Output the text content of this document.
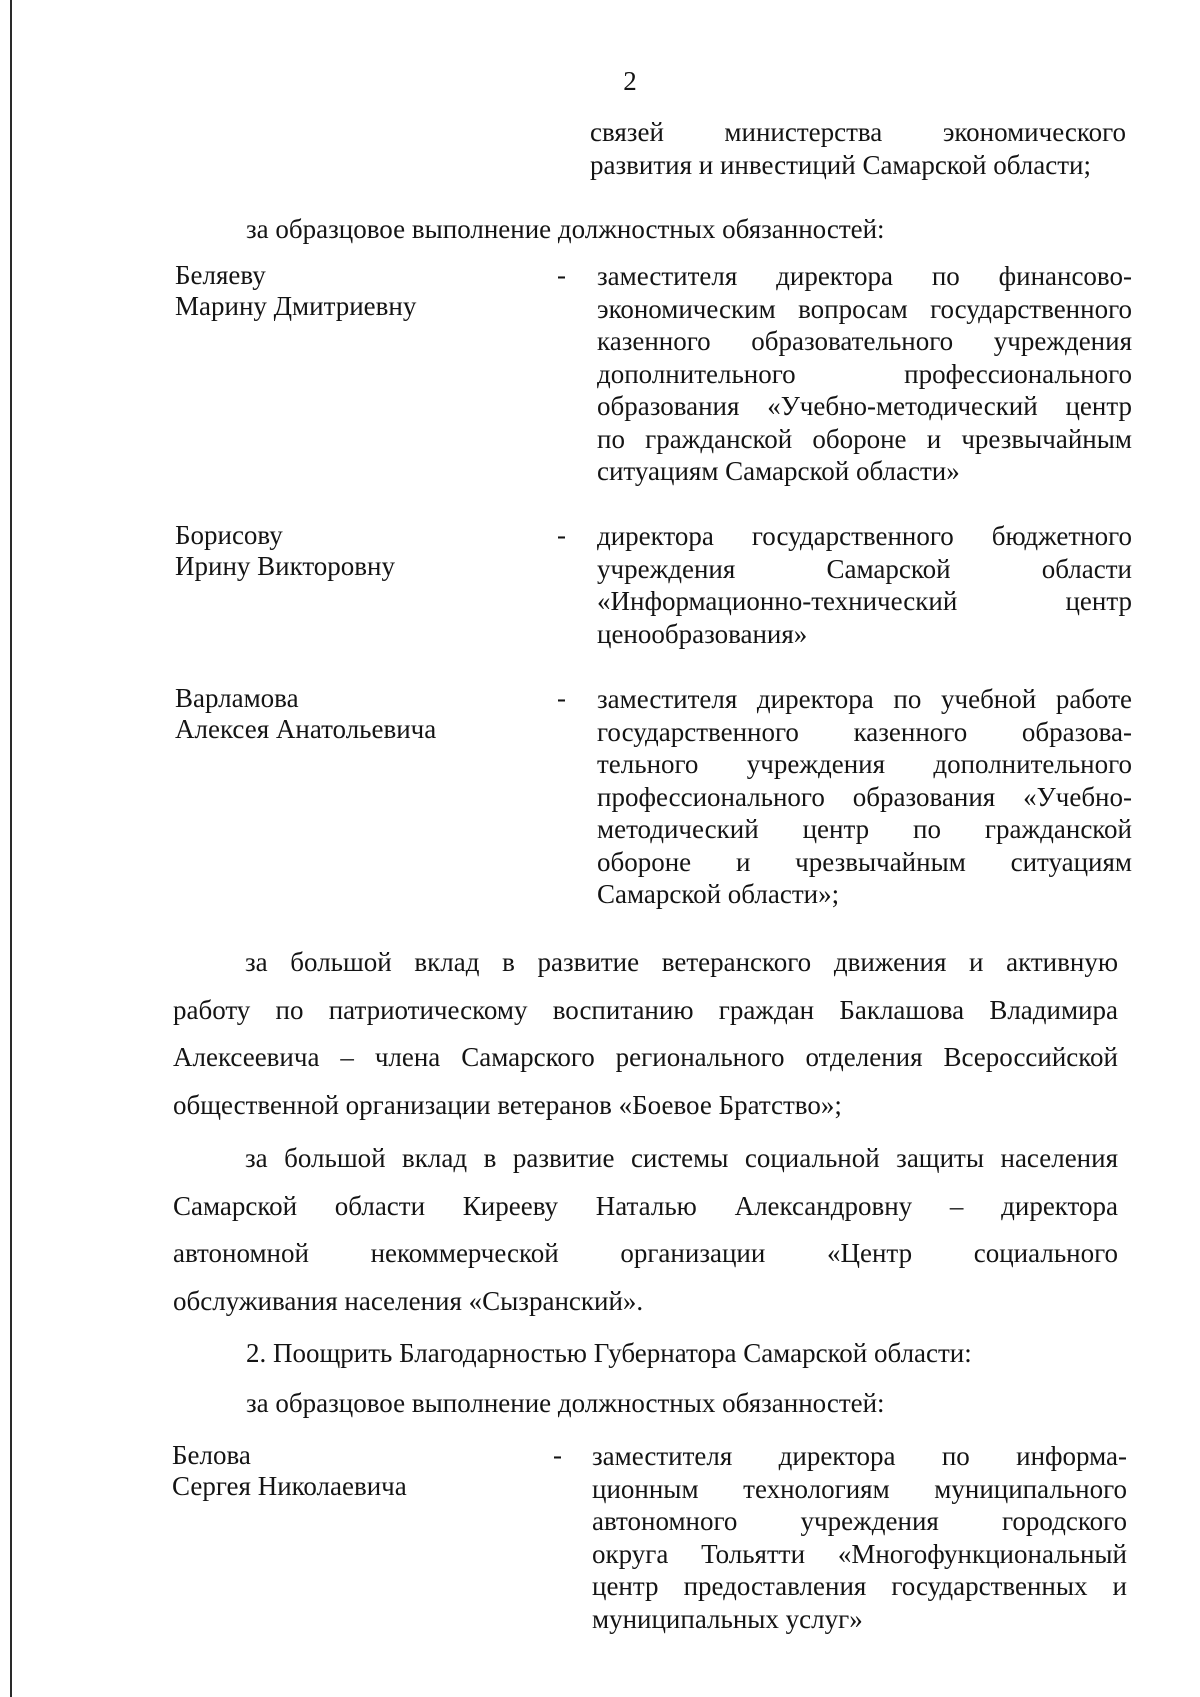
2
связей министерства экономического
развития и инвестиций Самарской области;
за образцовое выполнение должностных обязанностей:
Беляеву
Марину Дмитриевну
- заместителя директора по финансово-
экономическим вопросам государственного
казенного образовательного учреждения
дополнительного профессионального
образования «Учебно-методический центр
по гражданской обороне и чрезвычайным
ситуациям Самарской области»
Борисову
Ирину Викторовну
- директора государственного бюджетного
учреждения Самарской области
«Информационно-технический центр
ценообразования»
Варламова
Алексея Анатольевича
- заместителя директора по учебной работе
государственного казенного образова-
тельного учреждения дополнительного
профессионального образования «Учебно-
методический центр по гражданской
обороне и чрезвычайным ситуациям
Самарской области»;
за большой вклад в развитие ветеранского движения и активную
работу по патриотическому воспитанию граждан Баклашова Владимира
Алексеевича – члена Самарского регионального отделения Всероссийской
общественной организации ветеранов «Боевое Братство»;
за большой вклад в развитие системы социальной защиты населения
Самарской области Кирееву Наталью Александровну – директора
автономной некоммерческой организации «Центр социального
обслуживания населения «Сызранский».
2. Поощрить Благодарностью Губернатора Самарской области:
за образцовое выполнение должностных обязанностей:
Белова
Сергея Николаевича
- заместителя директора по информа-
ционным технологиям муниципального
автономного учреждения городского
округа Тольятти «Многофункциональный
центр предоставления государственных и
муниципальных услуг»
